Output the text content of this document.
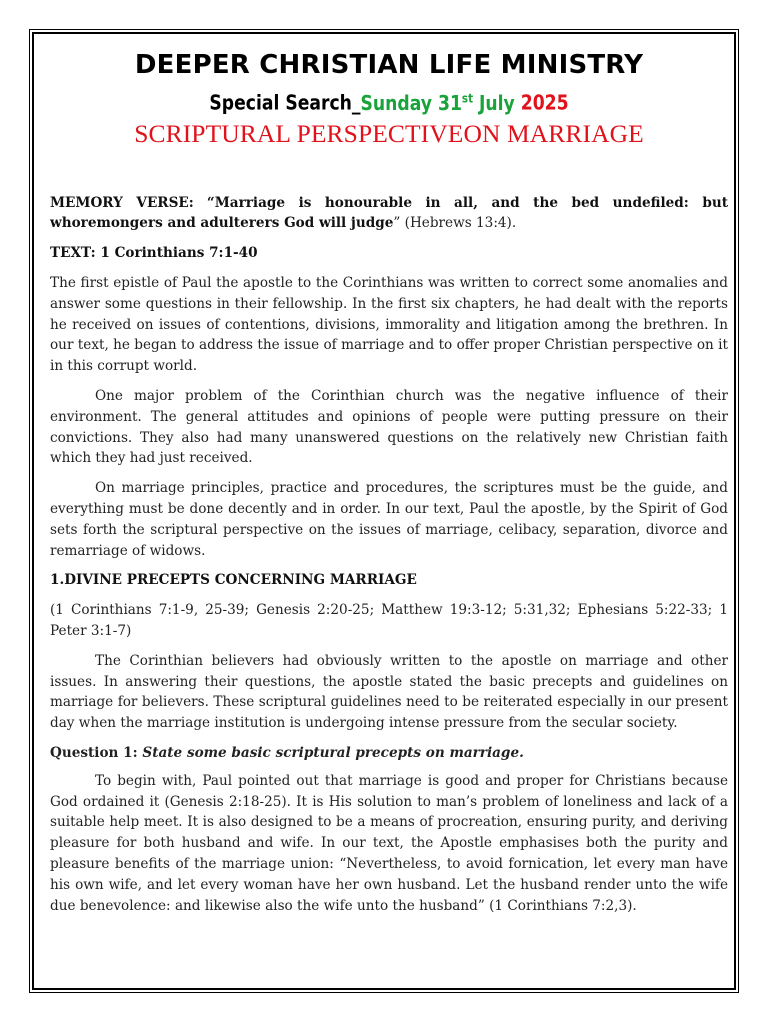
DEEPER CHRISTIAN LIFE MINISTRY
Special Search_Sunday 31st July 2025
SCRIPTURAL PERSPECTIVEON MARRIAGE

MEMORY VERSE: “Marriage is honourable in all, and the bed undefiled: but whoremongers and adulterers God will judge” (Hebrews 13:4).

TEXT: 1 Corinthians 7:1-40

The first epistle of Paul the apostle to the Corinthians was written to correct some anomalies and answer some questions in their fellowship. In the first six chapters, he had dealt with the reports he received on issues of contentions, divisions, immorality and litigation among the brethren. In our text, he began to address the issue of marriage and to offer proper Christian perspective on it in this corrupt world.

One major problem of the Corinthian church was the negative influence of their environment. The general attitudes and opinions of people were putting pressure on their convictions. They also had many unanswered questions on the relatively new Christian faith which they had just received.

On marriage principles, practice and procedures, the scriptures must be the guide, and everything must be done decently and in order. In our text, Paul the apostle, by the Spirit of God sets forth the scriptural perspective on the issues of marriage, celibacy, separation, divorce and remarriage of widows.

1.DIVINE PRECEPTS CONCERNING MARRIAGE

(1 Corinthians 7:1-9, 25-39; Genesis 2:20-25; Matthew 19:3-12; 5:31,32; Ephesians 5:22-33; 1 Peter 3:1-7)

The Corinthian believers had obviously written to the apostle on marriage and other issues. In answering their questions, the apostle stated the basic precepts and guidelines on marriage for believers. These scriptural guidelines need to be reiterated especially in our present day when the marriage institution is undergoing intense pressure from the secular society.

Question 1: State some basic scriptural precepts on marriage.

To begin with, Paul pointed out that marriage is good and proper for Christians because God ordained it (Genesis 2:18-25). It is His solution to man’s problem of loneliness and lack of a suitable help meet. It is also designed to be a means of procreation, ensuring purity, and deriving pleasure for both husband and wife. In our text, the Apostle emphasises both the purity and pleasure benefits of the marriage union: “Nevertheless, to avoid fornication, let every man have his own wife, and let every woman have her own husband. Let the husband render unto the wife due benevolence: and likewise also the wife unto the husband” (1 Corinthians 7:2,3).
